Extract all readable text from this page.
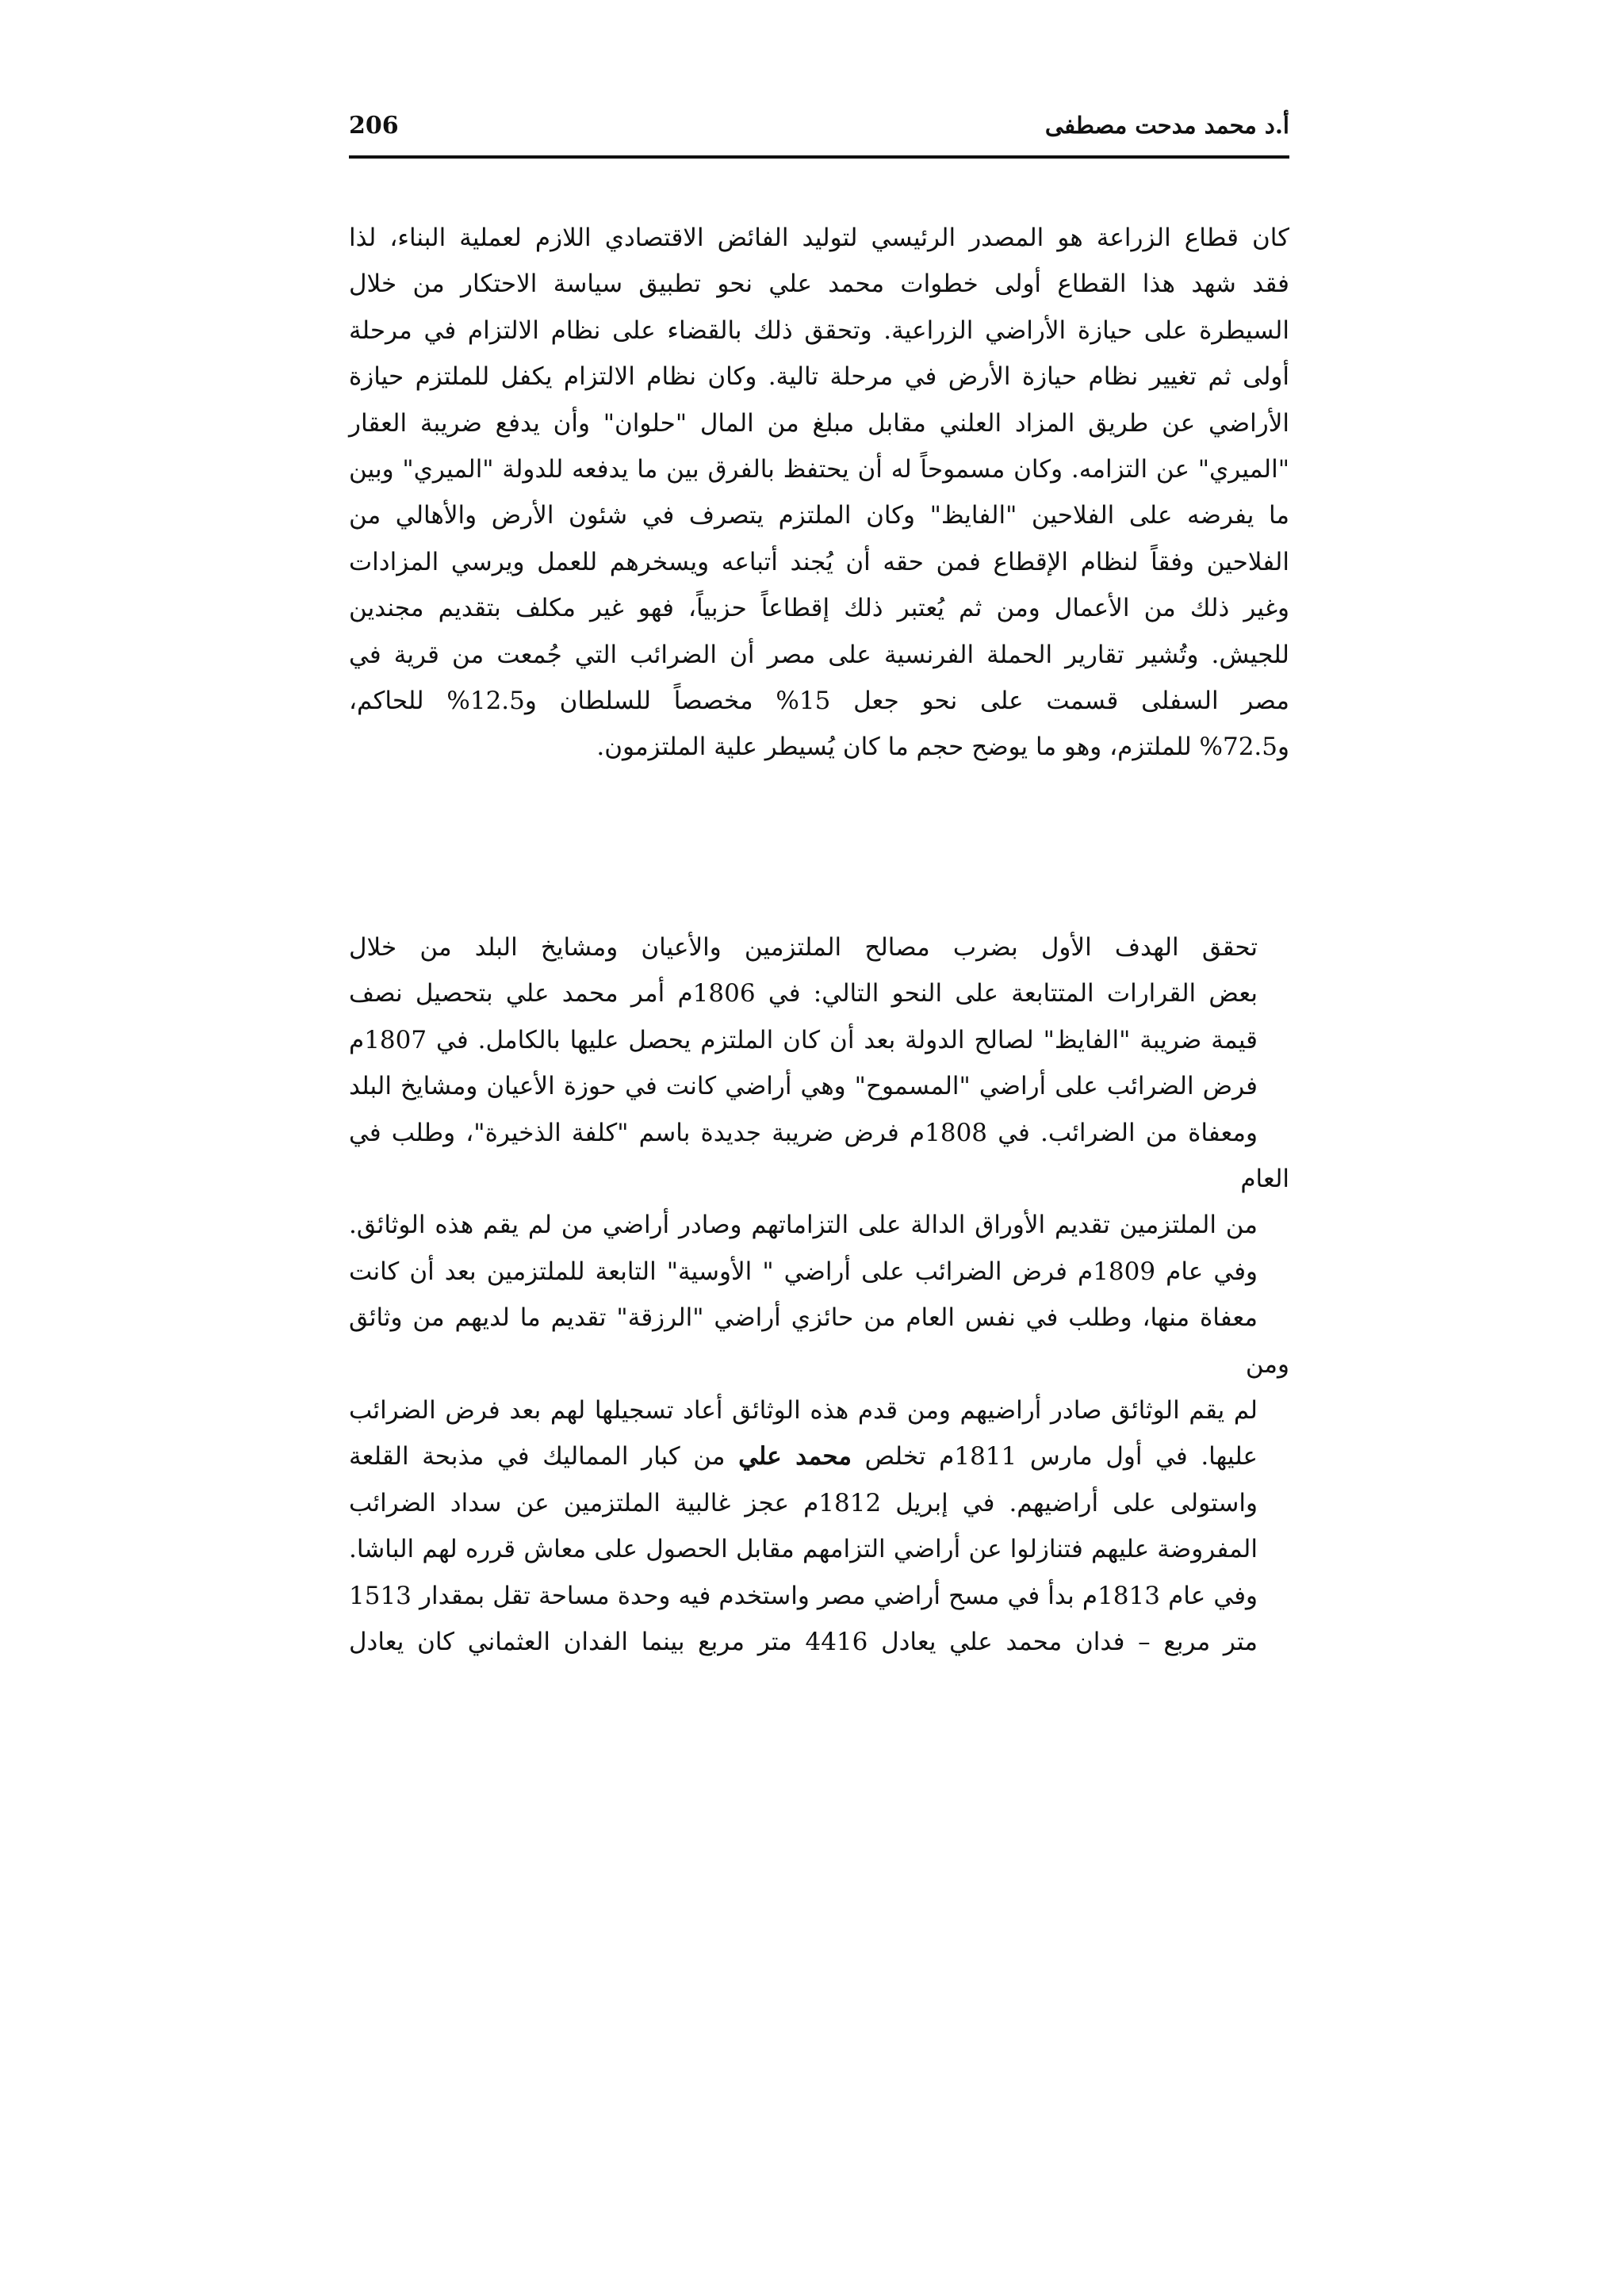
أ.د محمد مدحت مصطفى
206

كان قطاع الزراعة هو المصدر الرئيسي لتوليد الفائض الاقتصادي اللازم لعملية البناء، لذا
فقد شهد هذا القطاع أولى خطوات محمد علي نحو تطبيق سياسة الاحتكار من خلال
السيطرة على حيازة الأراضي الزراعية. وتحقق ذلك بالقضاء على نظام الالتزام في مرحلة
أولى ثم تغيير نظام حيازة الأرض في مرحلة تالية. وكان نظام الالتزام يكفل للملتزم حيازة
الأراضي عن طريق المزاد العلني مقابل مبلغ من المال "حلوان" وأن يدفع ضريبة العقار
"الميري" عن التزامه. وكان مسموحاً له أن يحتفظ بالفرق بين ما يدفعه للدولة "الميري" وبين
ما يفرضه على الفلاحين "الفايظ" وكان الملتزم يتصرف في شئون الأرض والأهالي من
الفلاحين وفقاً لنظام الإقطاع فمن حقه أن يُجند أتباعه ويسخرهم للعمل ويرسي المزادات
وغير ذلك من الأعمال ومن ثم يُعتبر ذلك إقطاعاً حزبياً، فهو غير مكلف بتقديم مجندين
للجيش. وتُشير تقارير الحملة الفرنسية على مصر أن الضرائب التي جُمعت من قرية في
مصر السفلى قسمت على نحو جعل 15% مخصصاً للسلطان و12.5% للحاكم،
و72.5% للملتزم، وهو ما يوضح حجم ما كان يُسيطر علية الملتزمون.

تحقق الهدف الأول بضرب مصالح الملتزمين والأعيان ومشايخ البلد من خلال
بعض القرارات المتتابعة على النحو التالي: في 1806م أمر محمد علي بتحصيل نصف
قيمة ضريبة "الفايظ" لصالح الدولة بعد أن كان الملتزم يحصل عليها بالكامل. في 1807م
فرض الضرائب على أراضي "المسموح" وهي أراضي كانت في حوزة الأعيان ومشايخ البلد
ومعفاة من الضرائب. في 1808م فرض ضريبة جديدة باسم "كلفة الذخيرة"، وطلب في العام
من الملتزمين تقديم الأوراق الدالة على التزاماتهم وصادر أراضي من لم يقم هذه الوثائق.
وفي عام 1809م فرض الضرائب على أراضي " الأوسية" التابعة للملتزمين بعد أن كانت
معفاة منها، وطلب في نفس العام من حائزي أراضي "الرزقة" تقديم ما لديهم من وثائق ومن
لم يقم الوثائق صادر أراضيهم ومن قدم هذه الوثائق أعاد تسجيلها لهم بعد فرض الضرائب
عليها. في أول مارس 1811م تخلص محمد علي من كبار المماليك في مذبحة القلعة
واستولى على أراضيهم. في إبريل 1812م عجز غالبية الملتزمين عن سداد الضرائب
المفروضة عليهم فتنازلوا عن أراضي التزامهم مقابل الحصول على معاش قرره لهم الباشا.
وفي عام 1813م بدأ في مسح أراضي مصر واستخدم فيه وحدة مساحة تقل بمقدار 1513
متر مربع – فدان محمد علي يعادل 4416 متر مربع بينما الفدان العثماني كان يعادل
